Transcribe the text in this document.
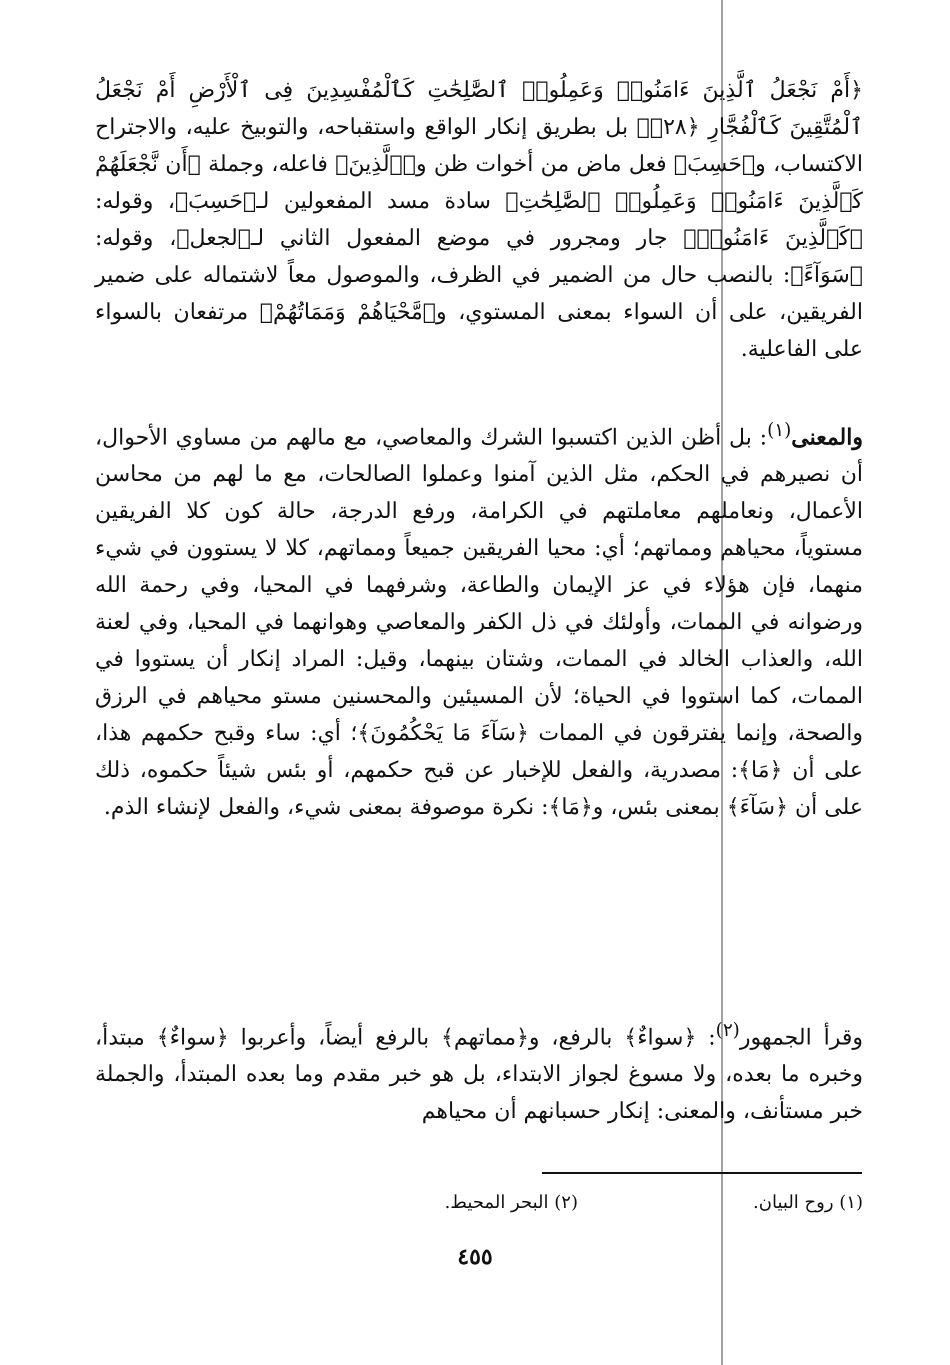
﴿أَمْ نَجْعَلُ ٱلَّذِينَ ءَامَنُوا۟ وَعَمِلُوا۟ ٱلصَّٰلِحَٰتِ كَٱلْمُفْسِدِينَ فِى ٱلْأَرْضِ أَمْ نَجْعَلُ ٱلْمُتَّقِينَ كَٱلْفُجَّارِ ﴿٢٨﴾﴾ بل بطريق إنكار الواقع واستقباحه، والتوبيخ عليه، والاجتراح الاكتساب، و﴿حَسِبَ﴾ فعل ماض من أخوات ظن و﴿ٱلَّذِينَ﴾ فاعله، وجملة ﴿أَن نَّجْعَلَهُمْ كَٱلَّذِينَ ءَامَنُوا۟ وَعَمِلُوا۟ ٱلصَّٰلِحَٰتِ﴾ سادة مسد المفعولين لـ﴿حَسِبَ﴾، وقوله: ﴿كَٱلَّذِينَ ءَامَنُوا۟﴾ جار ومجرور في موضع المفعول الثاني لـ﴿لجعل﴾، وقوله: ﴿سَوَآءً﴾: بالنصب حال من الضمير في الظرف، والموصول معاً لاشتماله على ضمير الفريقين، على أن السواء بمعنى المستوي، و﴿مَّحْيَاهُمْ وَمَمَاتُهُمْ﴾ مرتفعان بالسواء على الفاعلية.

والمعنى$^{(١)}$: بل أظن الذين اكتسبوا الشرك والمعاصي، مع مالهم من مساوي الأحوال، أن نصيرهم في الحكم، مثل الذين آمنوا وعملوا الصالحات، مع ما لهم من محاسن الأعمال، ونعاملهم معاملتهم في الكرامة، ورفع الدرجة، حالة كون كلا الفريقين مستوياً، محياهم ومماتهم؛ أي: محيا الفريقين جميعاً ومماتهم، كلا لا يستوون في شيء منهما، فإن هؤلاء في عز الإيمان والطاعة، وشرفهما في المحيا، وفي رحمة الله ورضوانه في الممات، وأولئك في ذل الكفر والمعاصي وهوانهما في المحيا، وفي لعنة الله، والعذاب الخالد في الممات، وشتان بينهما، وقيل: المراد إنكار أن يستووا في الممات، كما استووا في الحياة؛ لأن المسيئين والمحسنين مستو محياهم في الرزق والصحة، وإنما يفترقون في الممات ﴿سَآءَ مَا يَحْكُمُونَ﴾؛ أي: ساء وقبح حكمهم هذا، على أن ﴿مَا﴾: مصدرية، والفعل للإخبار عن قبح حكمهم، أو بئس شيئاً حكموه، ذلك على أن ﴿سَآءَ﴾ بمعنى بئس، و﴿مَا﴾: نكرة موصوفة بمعنى شيء، والفعل لإنشاء الذم.

وقرأ الجمهور$^{(٢)}$: ﴿سواءٌ﴾ بالرفع، و﴿مماتهم﴾ بالرفع أيضاً، وأعربوا ﴿سواءٌ﴾ مبتدأ، وخبره ما بعده، ولا مسوغ لجواز الابتداء، بل هو خبر مقدم وما بعده المبتدأ، والجملة خبر مستأنف، والمعنى: إنكار حسبانهم أن محياهم

(١) روح البيان.
(٢) البحر المحيط.
٤٥٥
